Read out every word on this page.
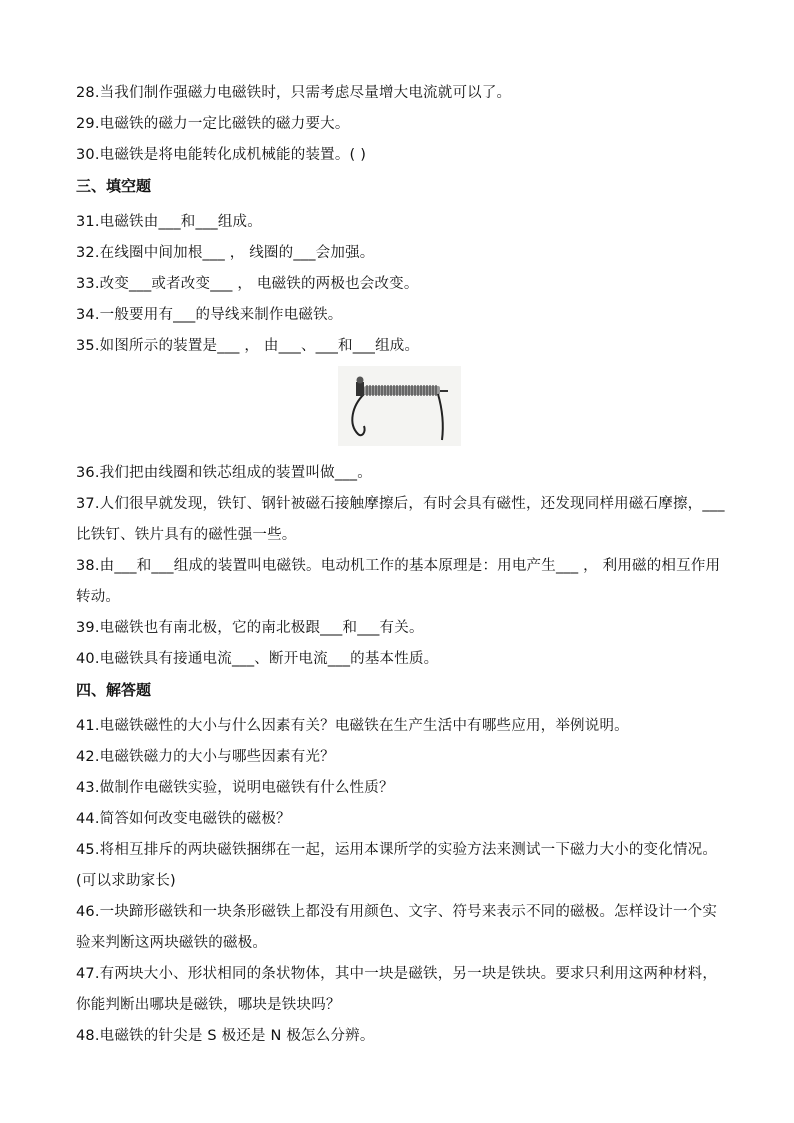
28.当我们制作强磁力电磁铁时，只需考虑尽量增大电流就可以了。

29.电磁铁的磁力一定比磁铁的磁力要大。

30.电磁铁是将电能转化成机械能的装置。( )

三、填空题

31.电磁铁由___和___组成。

32.在线圈中间加根___ ， 线圈的___会加强。

33.改变___或者改变___ ， 电磁铁的两极也会改变。

34.一般要用有___的导线来制作电磁铁。

35.如图所示的装置是___ ， 由___、___和___组成。

36.我们把由线圈和铁芯组成的装置叫做___。

37.人们很早就发现，铁钉、钢针被磁石接触摩擦后，有时会具有磁性，还发现同样用磁石摩擦，___比铁钉、铁片具有的磁性强一些。

38.由___和___组成的装置叫电磁铁。电动机工作的基本原理是：用电产生___ ， 利用磁的相互作用转动。

39.电磁铁也有南北极，它的南北极跟___和___有关。

40.电磁铁具有接通电流___、断开电流___的基本性质。

四、解答题

41.电磁铁磁性的大小与什么因素有关？电磁铁在生产生活中有哪些应用，举例说明。

42.电磁铁磁力的大小与哪些因素有光？

43.做制作电磁铁实验，说明电磁铁有什么性质？

44.简答如何改变电磁铁的磁极？

45.将相互排斥的两块磁铁捆绑在一起，运用本课所学的实验方法来测试一下磁力大小的变化情况。(可以求助家长)

46.一块蹄形磁铁和一块条形磁铁上都没有用颜色、文字、符号来表示不同的磁极。怎样设计一个实验来判断这两块磁铁的磁极。

47.有两块大小、形状相同的条状物体，其中一块是磁铁，另一块是铁块。要求只利用这两种材料，你能判断出哪块是磁铁，哪块是铁块吗？

48.电磁铁的针尖是 S 极还是 N 极怎么分辨。
